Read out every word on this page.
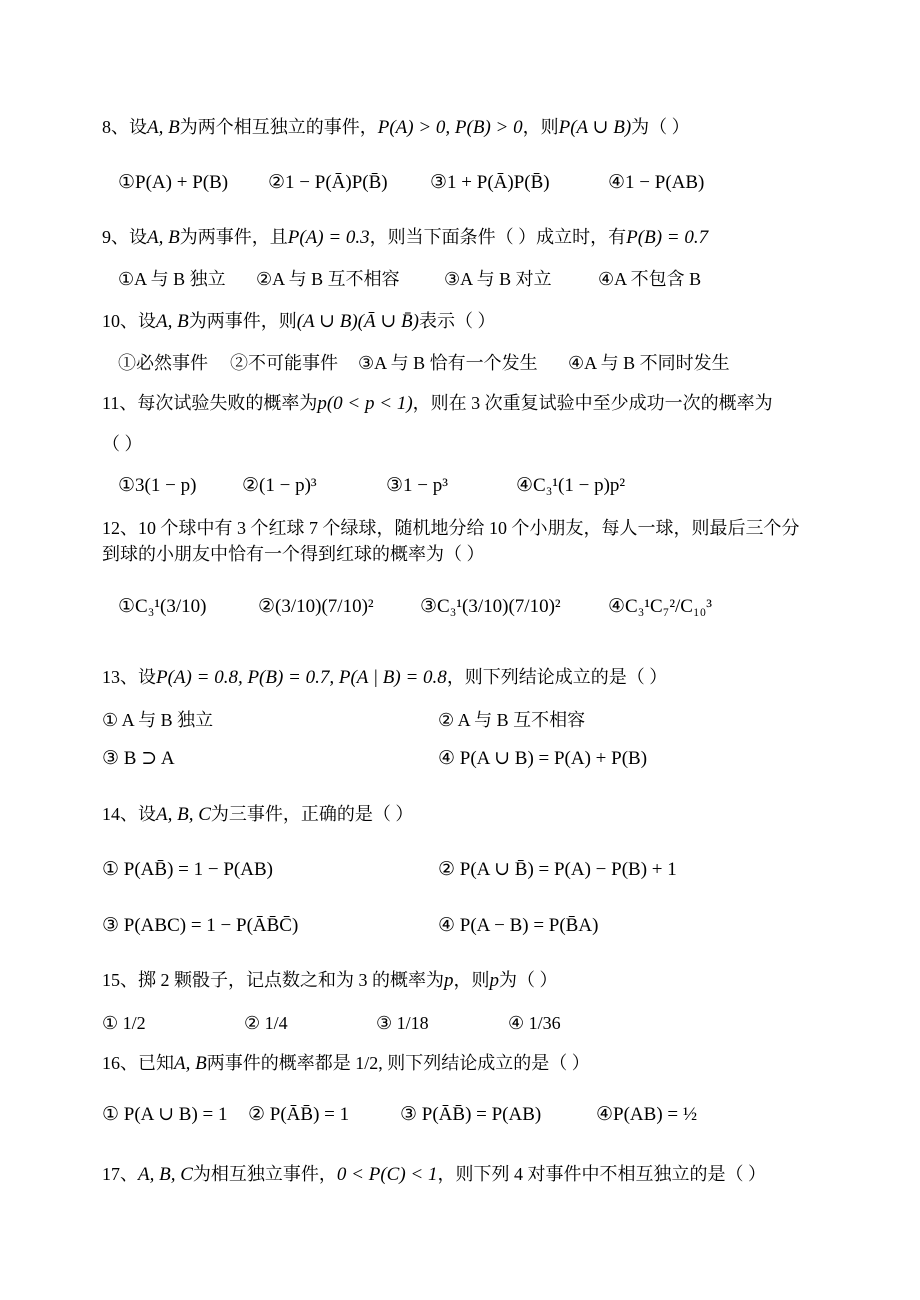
8、设A, B为两个相互独立的事件，P(A) > 0, P(B) > 0，则P(A ∪ B)为（ ）
①P(A) + P(B) ②1 − P(Ā)P(B̄) ③1 + P(Ā)P(B̄)	④1 − P(AB)
9、设A, B为两事件，且P(A) = 0.3，则当下面条件（ ）成立时，有P(B) = 0.7
①A 与 B 独立 ②A 与 B 互不相容 ③A 与 B 对立	④A 不包含 B
10、设A, B为两事件，则(A ∪ B)(Ā ∪ B̄)表示（ ）
①必然事件 ②不可能事件 ③A 与 B 恰有一个发生 ④A 与 B 不同时发生
11、每次试验失败的概率为p(0 < p < 1)，则在 3 次重复试验中至少成功一次的概率为
（ ）
①3(1 − p) ②(1 − p)³	③1 − p³	④C₃¹(1 − p)p²
12、10 个球中有 3 个红球 7 个绿球，随机地分给 10 个小朋友，每人一球，则最后三个分
到球的小朋友中恰有一个得到红球的概率为（ ）
①C₃¹(3/10)	②(3/10)(7/10)² ③C₃¹(3/10)(7/10)² ④C₃¹C₇²/C₁₀³
13、设P(A) = 0.8, P(B) = 0.7, P(A | B) = 0.8，则下列结论成立的是（ ）
① A 与 B 独立	② A 与 B 互不相容
③ B ⊃ A	④ P(A ∪ B) = P(A) + P(B)
14、设A, B, C为三事件，正确的是（ ）
① P(AB̄) = 1 − P(AB)	② P(A ∪ B̄) = P(A) − P(B) + 1
③ P(ABC) = 1 − P(ĀB̄C̄)	④ P(A − B) = P(B̄A)
15、掷 2 颗骰子，记点数之和为 3 的概率为p，则p为（ ）
① 1/2	② 1/4	③ 1/18	④ 1/36
16、已知A, B两事件的概率都是 1/2, 则下列结论成立的是（ ）
① P(A ∪ B) = 1 ② P(ĀB̄) = 1	③ P(ĀB̄) = P(AB)	④P(AB) = ½
17、A, B, C为相互独立事件，0 < P(C) < 1，则下列 4 对事件中不相互独立的是（ ）
